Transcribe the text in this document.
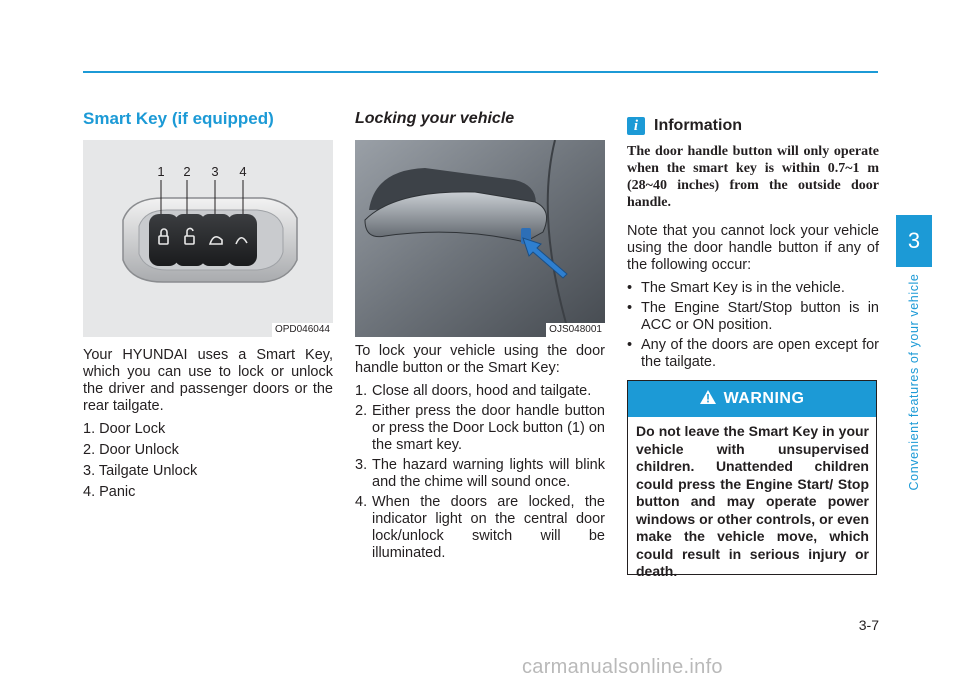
Smart Key (if equipped)
1 2 3 4
OPD046044

Your HYUNDAI uses a Smart Key, which you can use to lock or unlock the driver and passenger doors or the rear tailgate.

1. Door Lock
2. Door Unlock
3. Tailgate Unlock
4. Panic
Locking your vehicle
OJS048001

To lock your vehicle using the door handle button or the Smart Key:

1. Close all doors, hood and tailgate.
2. Either press the door handle button or press the Door Lock button (1) on the smart key.
3. The hazard warning lights will blink and the chime will sound once.
4. When the doors are locked, the indicator light on the central door lock/unlock switch will be illuminated.
i Information
The door handle button will only operate when the smart key is within 0.7~1 m (28~40 inches) from the outside door handle.

Note that you cannot lock your vehicle using the door handle button if any of the following occur:

• The Smart Key is in the vehicle.
• The Engine Start/Stop button is in ACC or ON position.
• Any of the doors are open except for the tailgate.
WARNING
Do not leave the Smart Key in your vehicle with unsupervised children. Unattended children could press the Engine Start/ Stop button and may operate power windows or other controls, or even make the vehicle move, which could result in serious injury or death.
3
Convenient features of your vehicle
3-7
carmanualsonline.info
